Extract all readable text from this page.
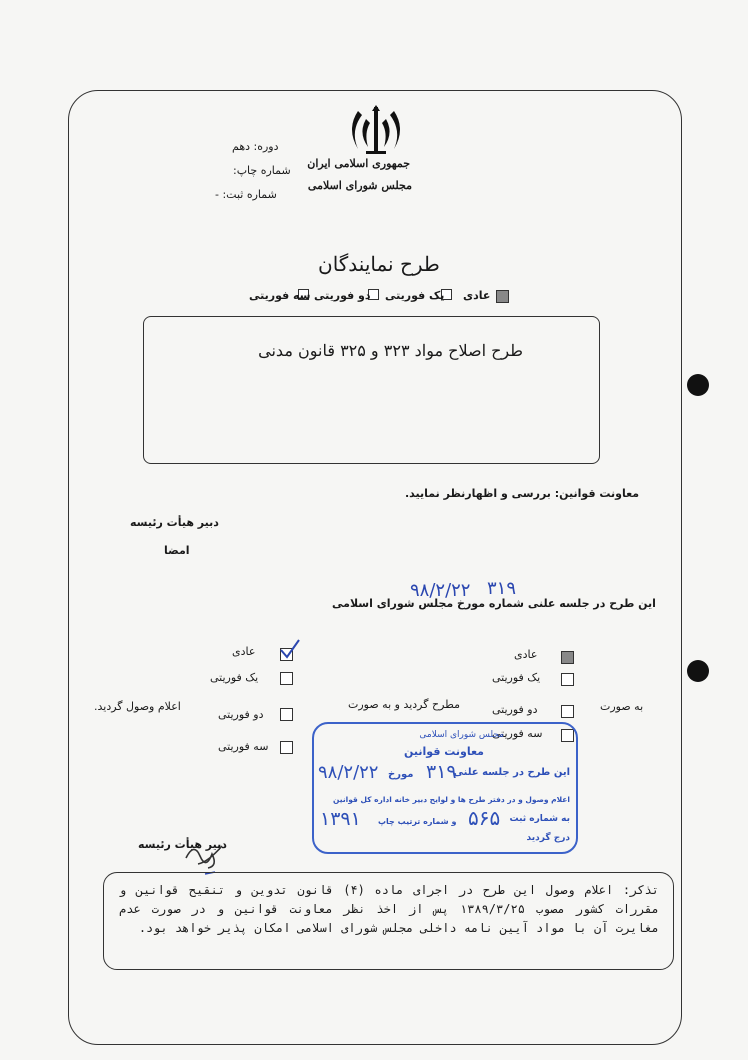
دوره: دهم
شماره چاپ:
شماره ثبت: -
جمهوری اسلامی ایران
مجلس شورای اسلامی
طرح نمایندگان
عادی
یک فوریتی
دو فوریتی
سه فوریتی
طرح اصلاح مواد ۳۲۳ و ۳۲۵ قانون مدنی
معاونت قوانین: بررسی و اظهارنظر نمایید.
دبیر هیأت رئیسه
امضا
این طرح در جلسه علنی شماره مورخ مجلس شورای اسلامی
۳۱۹
۹۸/۲/۲۲
عادی
یک فوریتی
دو فوریتی
سه فوریتی
اعلام وصول گردید.
عادی
یک فوریتی
دو فوریتی
سه فوریتی
به صورت
مطرح گردید و به صورت
مجلس شورای اسلامی
معاونت قوانین
این طرح در جلسه علنی
۳۱۹
مورخ
۹۸/۲/۲۲
اعلام وصول و در دفتر طرح ها و لوایح دبیر خانه اداره کل قوانین
به شماره ثبت
۵۶۵
و شماره ترتیب چاپ
۱۳۹۱
درج گردید
دبیر هیأت رئیسه
تذکر: اعلام وصول این طرح در اجرای ماده (۴) قانون تدوین و تنقیح قوانین و مقررات کشور مصوب ۱۳۸۹/۳/۲۵ پس از اخذ نظر معاونت قوانین و در صورت عدم مغایرت آن با مواد آیین نامه داخلی مجلس شورای اسلامی امکان پذیر خواهد بود.
